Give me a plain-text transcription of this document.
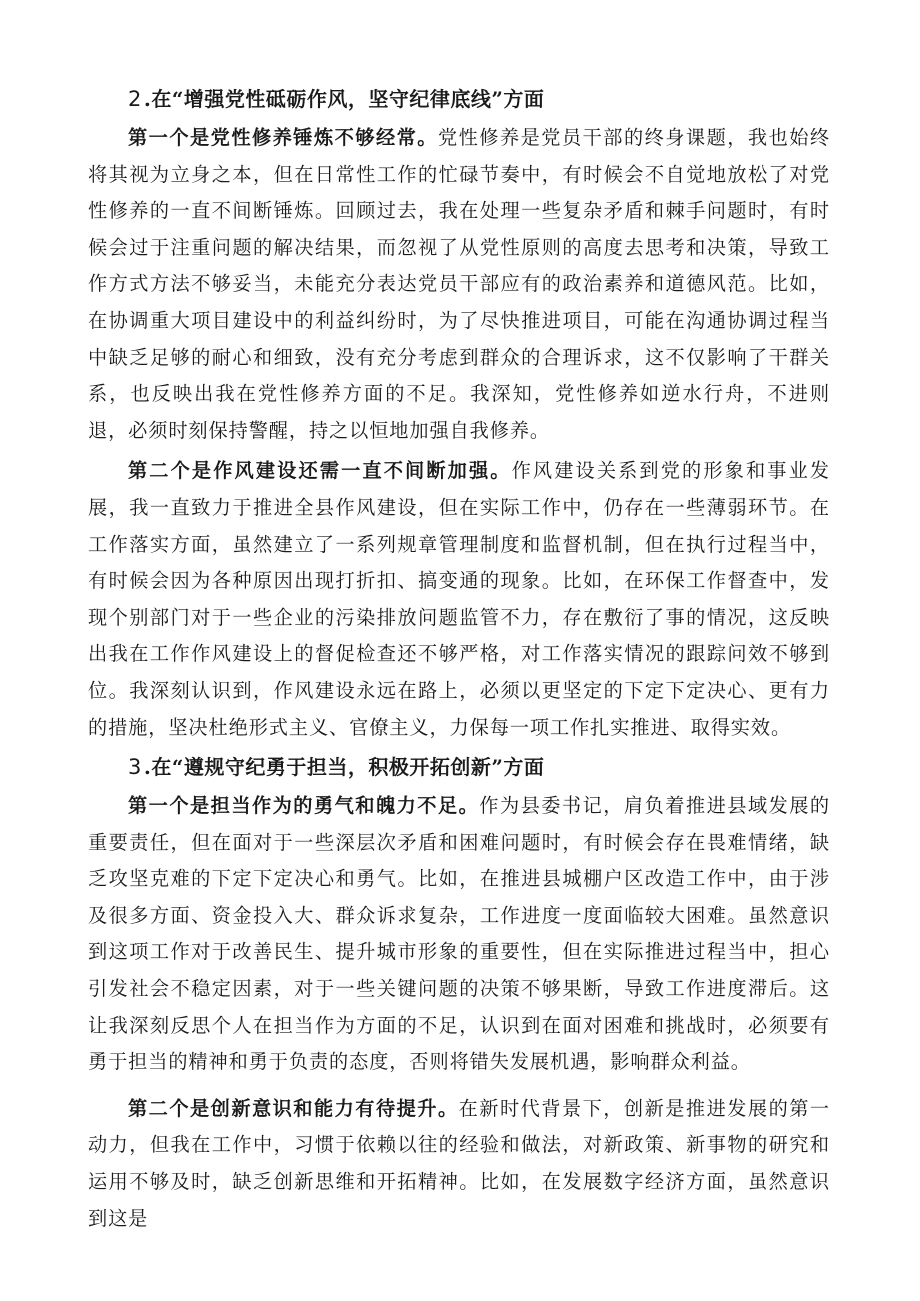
2 .在“增强党性砥砺作风，坚守纪律底线”方面

第一个是党性修养锤炼不够经常。党性修养是党员干部的终身课题，我也始终将其视为立身之本，但在日常性工作的忙碌节奏中，有时候会不自觉地放松了对党性修养的一直不间断锤炼。回顾过去，我在处理一些复杂矛盾和棘手问题时，有时候会过于注重问题的解决结果，而忽视了从党性原则的高度去思考和决策，导致工作方式方法不够妥当，未能充分表达党员干部应有的政治素养和道德风范。比如，在协调重大项目建设中的利益纠纷时，为了尽快推进项目，可能在沟通协调过程当中缺乏足够的耐心和细致，没有充分考虑到群众的合理诉求，这不仅影响了干群关系，也反映出我在党性修养方面的不足。我深知，党性修养如逆水行舟，不进则退，必须时刻保持警醒，持之以恒地加强自我修养。

第二个是作风建设还需一直不间断加强。作风建设关系到党的形象和事业发展，我一直致力于推进全县作风建设，但在实际工作中，仍存在一些薄弱环节。在工作落实方面，虽然建立了一系列规章管理制度和监督机制，但在执行过程当中，有时候会因为各种原因出现打折扣、搞变通的现象。比如，在环保工作督查中，发现个别部门对于一些企业的污染排放问题监管不力，存在敷衍了事的情况，这反映出我在工作作风建设上的督促检查还不够严格，对工作落实情况的跟踪问效不够到位。我深刻认识到，作风建设永远在路上，必须以更坚定的下定下定决心、更有力的措施，坚决杜绝形式主义、官僚主义，力保每一项工作扎实推进、取得实效。

3 .在“遵规守纪勇于担当，积极开拓创新”方面

第一个是担当作为的勇气和魄力不足。作为县委书记，肩负着推进县域发展的重要责任，但在面对于一些深层次矛盾和困难问题时，有时候会存在畏难情绪，缺乏攻坚克难的下定下定决心和勇气。比如，在推进县城棚户区改造工作中，由于涉及很多方面、资金投入大、群众诉求复杂，工作进度一度面临较大困难。虽然意识到这项工作对于改善民生、提升城市形象的重要性，但在实际推进过程当中，担心引发社会不稳定因素，对于一些关键问题的决策不够果断，导致工作进度滞后。这让我深刻反思个人在担当作为方面的不足，认识到在面对困难和挑战时，必须要有勇于担当的精神和勇于负责的态度，否则将错失发展机遇，影响群众利益。

第二个是创新意识和能力有待提升。在新时代背景下，创新是推进发展的第一动力，但我在工作中，习惯于依赖以往的经验和做法，对新政策、新事物的研究和运用不够及时，缺乏创新思维和开拓精神。比如，在发展数字经济方面，虽然意识到这是
